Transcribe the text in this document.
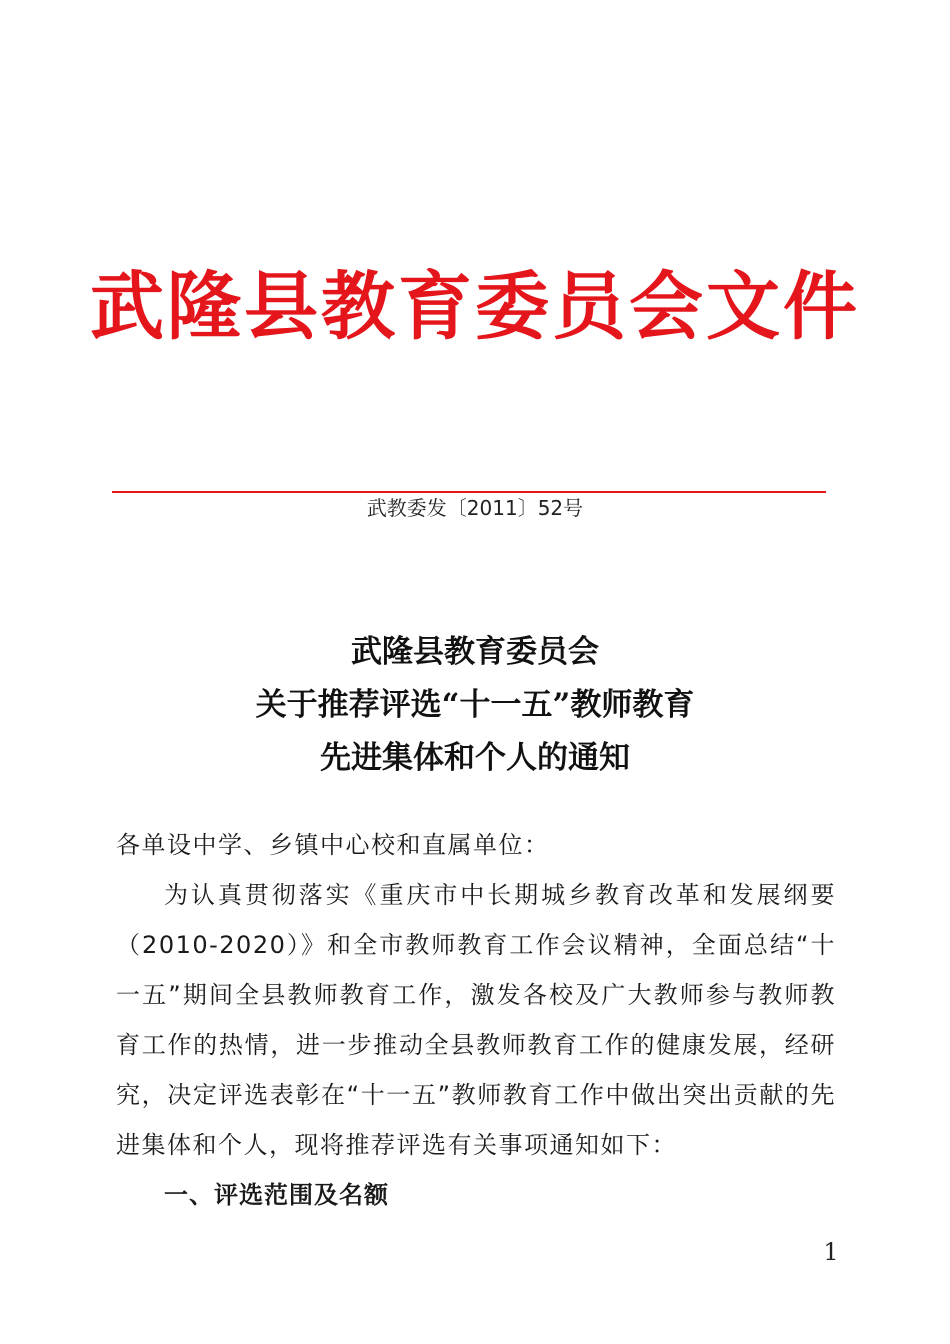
武隆县教育委员会文件
武教委发〔2011〕52号
武隆县教育委员会
关于推荐评选“十一五”教师教育
先进集体和个人的通知

各单设中学、乡镇中心校和直属单位：

为认真贯彻落实《重庆市中长期城乡教育改革和发展纲要（2010-2020）》和全市教师教育工作会议精神，全面总结“十一五”期间全县教师教育工作，激发各校及广大教师参与教师教育工作的热情，进一步推动全县教师教育工作的健康发展，经研究，决定评选表彰在“十一五”教师教育工作中做出突出贡献的先进集体和个人，现将推荐评选有关事项通知如下：

一、评选范围及名额

1
